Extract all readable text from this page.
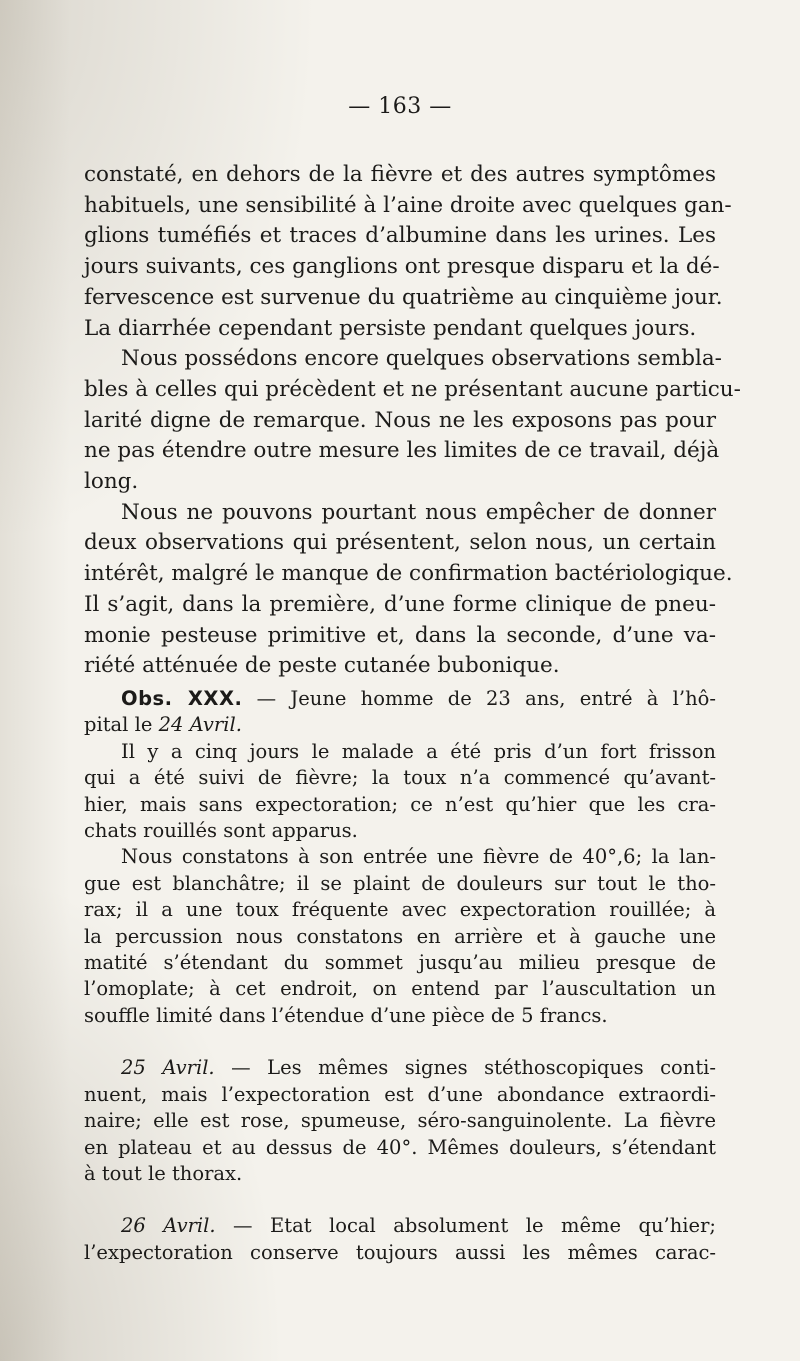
— 163 —
constaté, en dehors de la fièvre et des autres symptômes
habituels, une sensibilité à l’aine droite avec quelques gan-
glions tuméfiés et traces d’albumine dans les urines. Les
jours suivants, ces ganglions ont presque disparu et la dé-
fervescence est survenue du quatrième au cinquième jour.
La diarrhée cependant persiste pendant quelques jours.
Nous possédons encore quelques observations sembla-
bles à celles qui précèdent et ne présentant aucune particu-
larité digne de remarque. Nous ne les exposons pas pour
ne pas étendre outre mesure les limites de ce travail, déjà
long.
Nous ne pouvons pourtant nous empêcher de donner
deux observations qui présentent, selon nous, un certain
intérêt, malgré le manque de confirmation bactériologique.
Il s’agit, dans la première, d’une forme clinique de pneu-
monie pesteuse primitive et, dans la seconde, d’une va-
riété atténuée de peste cutanée bubonique.
Obs. XXX. — Jeune homme de 23 ans, entré à l’hô-
pital le 24 Avril.
Il y a cinq jours le malade a été pris d’un fort frisson
qui a été suivi de fièvre; la toux n’a commencé qu’avant-
hier, mais sans expectoration; ce n’est qu’hier que les cra-
chats rouillés sont apparus.
Nous constatons à son entrée une fièvre de 40°,6; la lan-
gue est blanchâtre; il se plaint de douleurs sur tout le tho-
rax; il a une toux fréquente avec expectoration rouillée; à
la percussion nous constatons en arrière et à gauche une
matité s’étendant du sommet jusqu’au milieu presque de
l’omoplate; à cet endroit, on entend par l’auscultation un
souffle limité dans l’étendue d’une pièce de 5 francs.
25 Avril. — Les mêmes signes stéthoscopiques conti-
nuent, mais l’expectoration est d’une abondance extraordi-
naire; elle est rose, spumeuse, séro-sanguinolente. La fièvre
en plateau et au dessus de 40°. Mêmes douleurs, s’étendant
à tout le thorax.
26 Avril. — Etat local absolument le même qu’hier;
l’expectoration conserve toujours aussi les mêmes carac-
